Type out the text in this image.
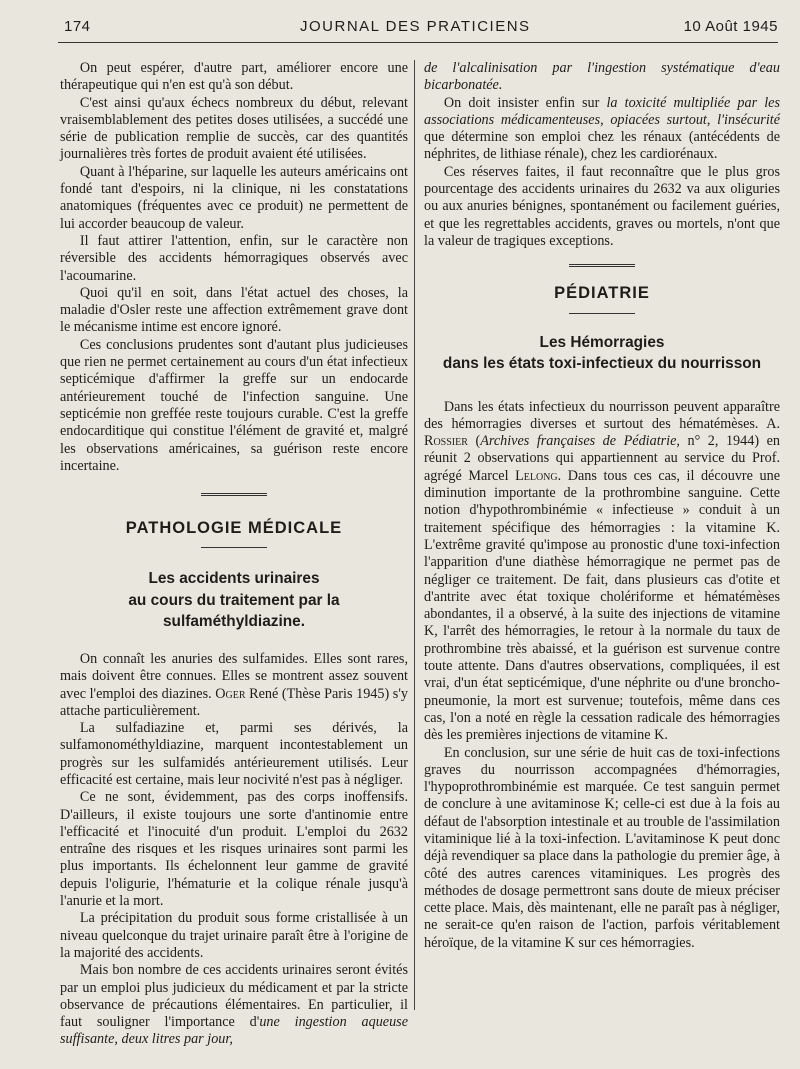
174	JOURNAL DES PRATICIENS	10 Août 1945

On peut espérer, d'autre part, améliorer encore une thérapeutique qui n'en est qu'à son début.

C'est ainsi qu'aux échecs nombreux du début, relevant vraisemblablement des petites doses utilisées, a succédé une série de publication remplie de succès, car des quantités journalières très fortes de produit avaient été utilisées.

Quant à l'héparine, sur laquelle les auteurs américains ont fondé tant d'espoirs, ni la clinique, ni les constatations anatomiques (fréquentes avec ce produit) ne permettent de lui accorder beaucoup de valeur.

Il faut attirer l'attention, enfin, sur le caractère non réversible des accidents hémorragiques observés avec l'acoumarine.

Quoi qu'il en soit, dans l'état actuel des choses, la maladie d'Osler reste une affection extrêmement grave dont le mécanisme intime est encore ignoré.

Ces conclusions prudentes sont d'autant plus judicieuses que rien ne permet certainement au cours d'un état infectieux septicémique d'affirmer la greffe sur un endocarde antérieurement touché de l'infection sanguine. Une septicémie non greffée reste toujours curable. C'est la greffe endocarditique qui constitue l'élément de gravité et, malgré les observations américaines, sa guérison reste encore incertaine.

PATHOLOGIE MÉDICALE
Les accidents urinaires
au cours du traitement par la
sulfaméthyldiazine.

On connaît les anuries des sulfamides. Elles sont rares, mais doivent être connues. Elles se montrent assez souvent avec l'emploi des diazines. Oger René (Thèse Paris 1945) s'y attache particulièrement.

La sulfadiazine et, parmi ses dérivés, la sulfamonométhyldiazine, marquent incontestablement un progrès sur les sulfamidés antérieurement utilisés. Leur efficacité est certaine, mais leur nocivité n'est pas à négliger.

Ce ne sont, évidemment, pas des corps inoffensifs. D'ailleurs, il existe toujours une sorte d'antinomie entre l'efficacité et l'inocuité d'un produit. L'emploi du 2632 entraîne des risques et les risques urinaires sont parmi les plus importants. Ils échelonnent leur gamme de gravité depuis l'oligurie, l'hématurie et la colique rénale jusqu'à l'anurie et la mort.

La précipitation du produit sous forme cristallisée à un niveau quelconque du trajet urinaire paraît être à l'origine de la majorité des accidents.

Mais bon nombre de ces accidents urinaires seront évités par un emploi plus judicieux du médicament et par la stricte observance de précautions élémentaires. En particulier, il faut souligner l'importance d'une ingestion aqueuse suffisante, deux litres par jour,

de l'alcalinisation par l'ingestion systématique d'eau bicarbonatée.

On doit insister enfin sur la toxicité multipliée par les associations médicamenteuses, opiacées surtout, l'insécurité que détermine son emploi chez les rénaux (antécédents de néphrites, de lithiase rénale), chez les cardiorénaux.

Ces réserves faites, il faut reconnaître que le plus gros pourcentage des accidents urinaires du 2632 va aux oliguries ou aux anuries bénignes, spontanément ou facilement guéries, et que les regrettables accidents, graves ou mortels, n'ont que la valeur de tragiques exceptions.

PÉDIATRIE
Les Hémorragies
dans les états toxi-infectieux du nourrisson

Dans les états infectieux du nourrisson peuvent apparaître des hémorragies diverses et surtout des hématémèses. A. Rossier (Archives françaises de Pédiatrie, n° 2, 1944) en réunit 2 observations qui appartiennent au service du Prof. agrégé Marcel Lelong. Dans tous ces cas, il découvre une diminution importante de la prothrombine sanguine. Cette notion d'hypothrombinémie « infectieuse » conduit à un traitement spécifique des hémorragies : la vitamine K. L'extrême gravité qu'impose au pronostic d'une toxi-infection l'apparition d'une diathèse hémorragique ne permet pas de négliger ce traitement. De fait, dans plusieurs cas d'otite et d'antrite avec état toxique cholériforme et hématémèses abondantes, il a observé, à la suite des injections de vitamine K, l'arrêt des hémorragies, le retour à la normale du taux de prothrombine très abaissé, et la guérison est survenue contre toute attente. Dans d'autres observations, compliquées, il est vrai, d'un état septicémique, d'une néphrite ou d'une broncho-pneumonie, la mort est survenue; toutefois, même dans ces cas, l'on a noté en règle la cessation radicale des hémorragies dès les premières injections de vitamine K.

En conclusion, sur une série de huit cas de toxi-infections graves du nourrisson accompagnées d'hémorragies, l'hypoprothrombinémie est marquée. Ce test sanguin permet de conclure à une avitaminose K; celle-ci est due à la fois au défaut de l'absorption intestinale et au trouble de l'assimilation vitaminique lié à la toxi-infection. L'avitaminose K peut donc déjà revendiquer sa place dans la pathologie du premier âge, à côté des autres carences vitaminiques. Les progrès des méthodes de dosage permettront sans doute de mieux préciser cette place. Mais, dès maintenant, elle ne paraît pas à négliger, ne serait-ce qu'en raison de l'action, parfois véritablement héroïque, de la vitamine K sur ces hémorragies.
